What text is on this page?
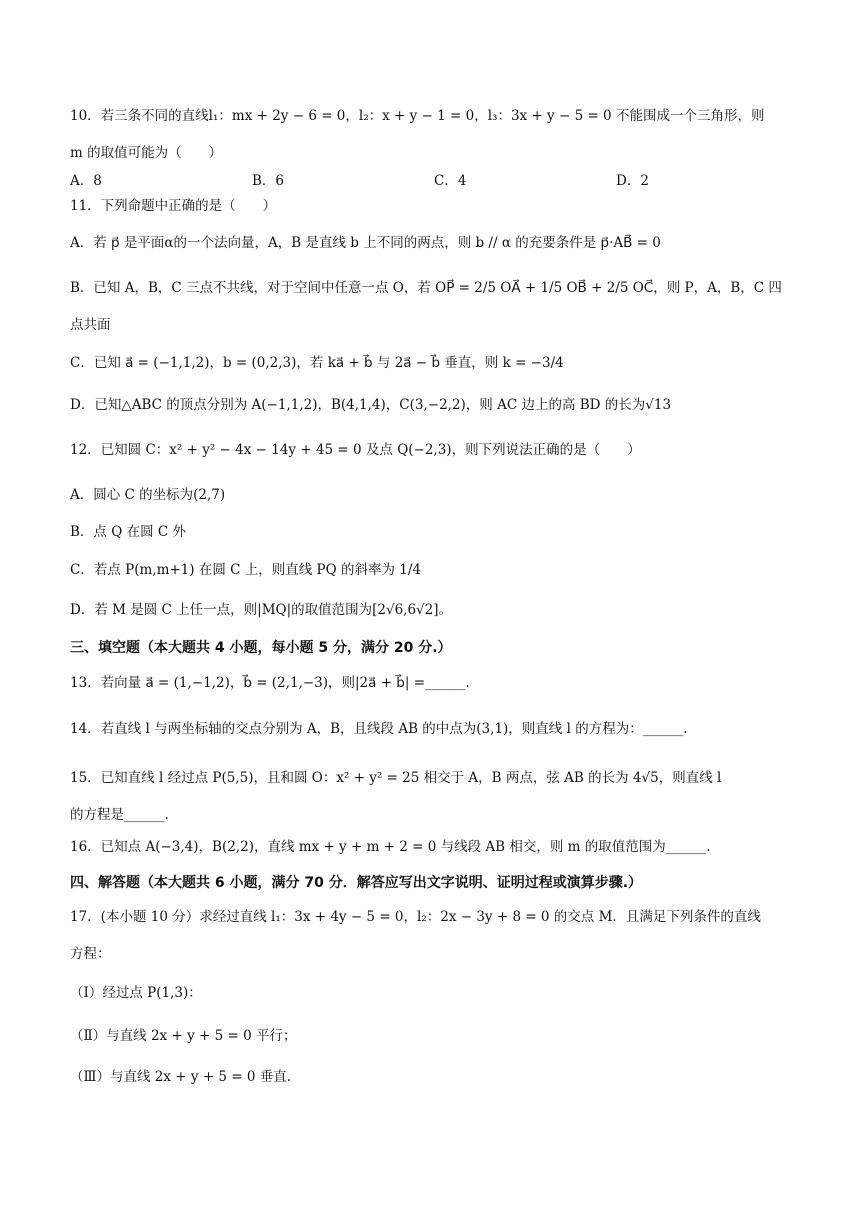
10．若三条不同的直线l₁：mx + 2y − 6 = 0，l₂：x + y − 1 = 0，l₃：3x + y − 5 = 0 不能围成一个三角形，则
m 的取值可能为（　　）
A．8	B．6	C．4	D．2
11．下列命题中正确的是（　　）
A．若 p⃗ 是平面α的一个法向量，A，B 是直线 b 上不同的两点，则 b // α 的充要条件是 p⃗·AB⃗ = 0
B．已知 A，B，C 三点不共线，对于空间中任意一点 O，若 OP⃗ = 2/5 OA⃗ + 1/5 OB⃗ + 2/5 OC⃗，则 P，A，B，C 四
点共面
C．已知 a⃗ = (−1,1,2)，b = (0,2,3)，若 ka⃗ + b⃗ 与 2a⃗ − b⃗ 垂直，则 k = −3/4
D．已知△ABC 的顶点分别为 A(−1,1,2)，B(4,1,4)，C(3,−2,2)，则 AC 边上的高 BD 的长为√13
12．已知圆 C：x² + y² − 4x − 14y + 45 = 0 及点 Q(−2,3)，则下列说法正确的是（　　）
A．圆心 C 的坐标为(2,7)
B．点 Q 在圆 C 外
C．若点 P(m,m+1) 在圆 C 上，则直线 PQ 的斜率为 1/4
D．若 M 是圆 C 上任一点，则|MQ|的取值范围为[2√6,6√2]。
三、填空题（本大题共 4 小题，每小题 5 分，满分 20 分.）
13．若向量 a⃗ = (1,−1,2)，b⃗ = (2,1,−3)，则|2a⃗ + b⃗| =______.
14．若直线 l 与两坐标轴的交点分别为 A，B，且线段 AB 的中点为(3,1)，则直线 l 的方程为：______.
15．已知直线 l 经过点 P(5,5)，且和圆 O：x² + y² = 25 相交于 A，B 两点，弦 AB 的长为 4√5，则直线 l
的方程是______.
16．已知点 A(−3,4)，B(2,2)，直线 mx + y + m + 2 = 0 与线段 AB 相交，则 m 的取值范围为______.
四、解答题（本大题共 6 小题，满分 70 分．解答应写出文字说明、证明过程或演算步骤.）
17．(本小题 10 分）求经过直线 l₁：3x + 4y − 5 = 0，l₂：2x − 3y + 8 = 0 的交点 M．且满足下列条件的直线
方程：
（Ⅰ）经过点 P(1,3)：
（Ⅱ）与直线 2x + y + 5 = 0 平行；
（Ⅲ）与直线 2x + y + 5 = 0 垂直.
